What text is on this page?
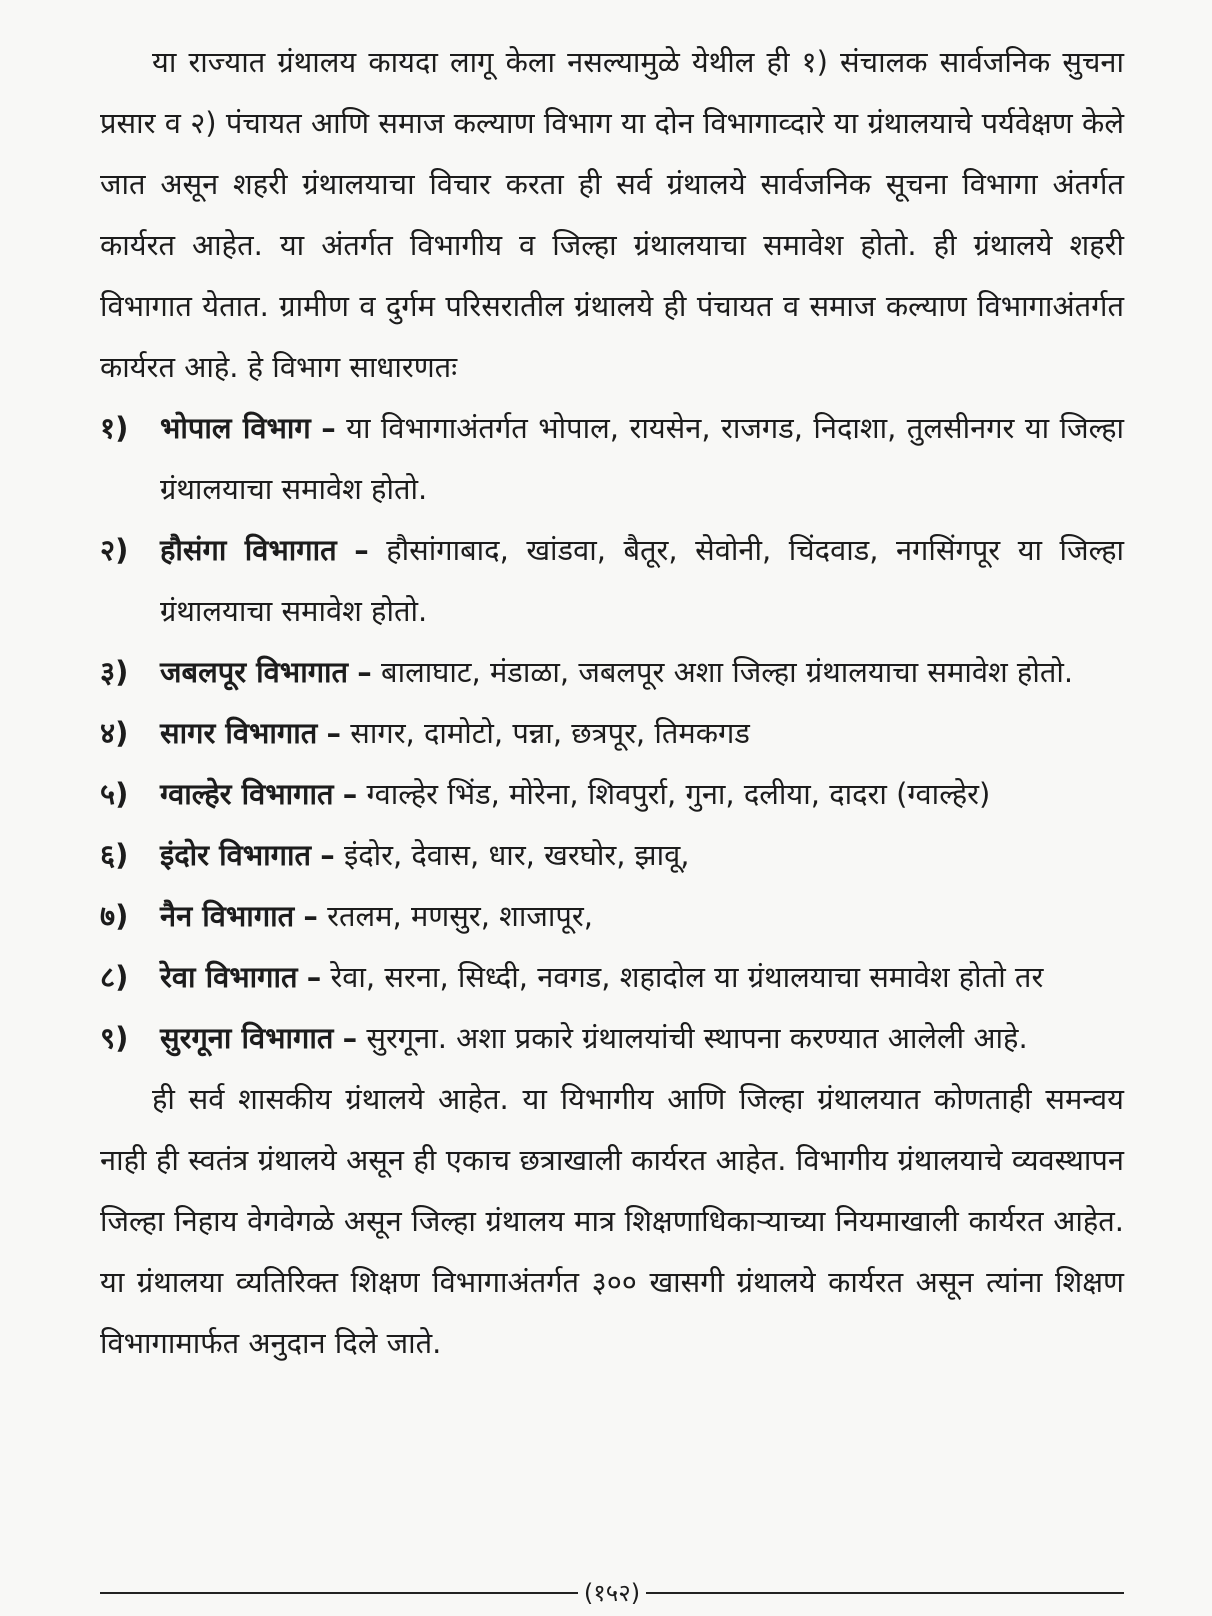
या राज्यात ग्रंथालय कायदा लागू केला नसल्यामुळे येथील ही १) संचालक सार्वजनिक सुचना प्रसार व २) पंचायत आणि समाज कल्याण विभाग या दोन विभागाव्दारे या ग्रंथालयाचे पर्यवेक्षण केले जात असून शहरी ग्रंथालयाचा विचार करता ही सर्व ग्रंथालये सार्वजनिक सूचना विभागा अंतर्गत कार्यरत आहेत. या अंतर्गत विभागीय व जिल्हा ग्रंथालयाचा समावेश होतो. ही ग्रंथालये शहरी विभागात येतात. ग्रामीण व दुर्गम परिसरातील ग्रंथालये ही पंचायत व समाज कल्याण विभागाअंतर्गत कार्यरत आहे. हे विभाग साधारणतः

१) भोपाल विभाग – या विभागाअंतर्गत भोपाल, रायसेन, राजगड, निदाशा, तुलसीनगर या जिल्हा ग्रंथालयाचा समावेश होतो.
२) हौसंगा विभागात – हौसांगाबाद, खांडवा, बैतूर, सेवोनी, चिंदवाड, नगसिंगपूर या जिल्हा ग्रंथालयाचा समावेश होतो.
३) जबलपूर विभागात – बालाघाट, मंडाळा, जबलपूर अशा जिल्हा ग्रंथालयाचा समावेश होतो.
४) सागर विभागात – सागर, दामोटो, पन्ना, छत्रपूर, तिमकगड
५) ग्वाल्हेर विभागात – ग्वाल्हेर भिंड, मोरेना, शिवपुर्रा, गुना, दलीया, दादरा (ग्वाल्हेर)
६) इंदोर विभागात – इंदोर, देवास, धार, खरघोर, झावू,
७) नैन विभागात – रतलम, मणसुर, शाजापूर,
८) रेवा विभागात – रेवा, सरना, सिध्दी, नवगड, शहादोल या ग्रंथालयाचा समावेश होतो तर
९) सुरगूना विभागात – सुरगूना. अशा प्रकारे ग्रंथालयांची स्थापना करण्यात आलेली आहे.

ही सर्व शासकीय ग्रंथालये आहेत. या यिभागीय आणि जिल्हा ग्रंथालयात कोणताही समन्वय नाही ही स्वतंत्र ग्रंथालये असून ही एकाच छत्राखाली कार्यरत आहेत. विभागीय ग्रंथालयाचे व्यवस्थापन जिल्हा निहाय वेगवेगळे असून जिल्हा ग्रंथालय मात्र शिक्षणाधिकाऱ्याच्या नियमाखाली कार्यरत आहेत. या ग्रंथालया व्यतिरिक्त शिक्षण विभागाअंतर्गत ३०० खासगी ग्रंथालये कार्यरत असून त्यांना शिक्षण विभागामार्फत अनुदान दिले जाते.

(१५२)
